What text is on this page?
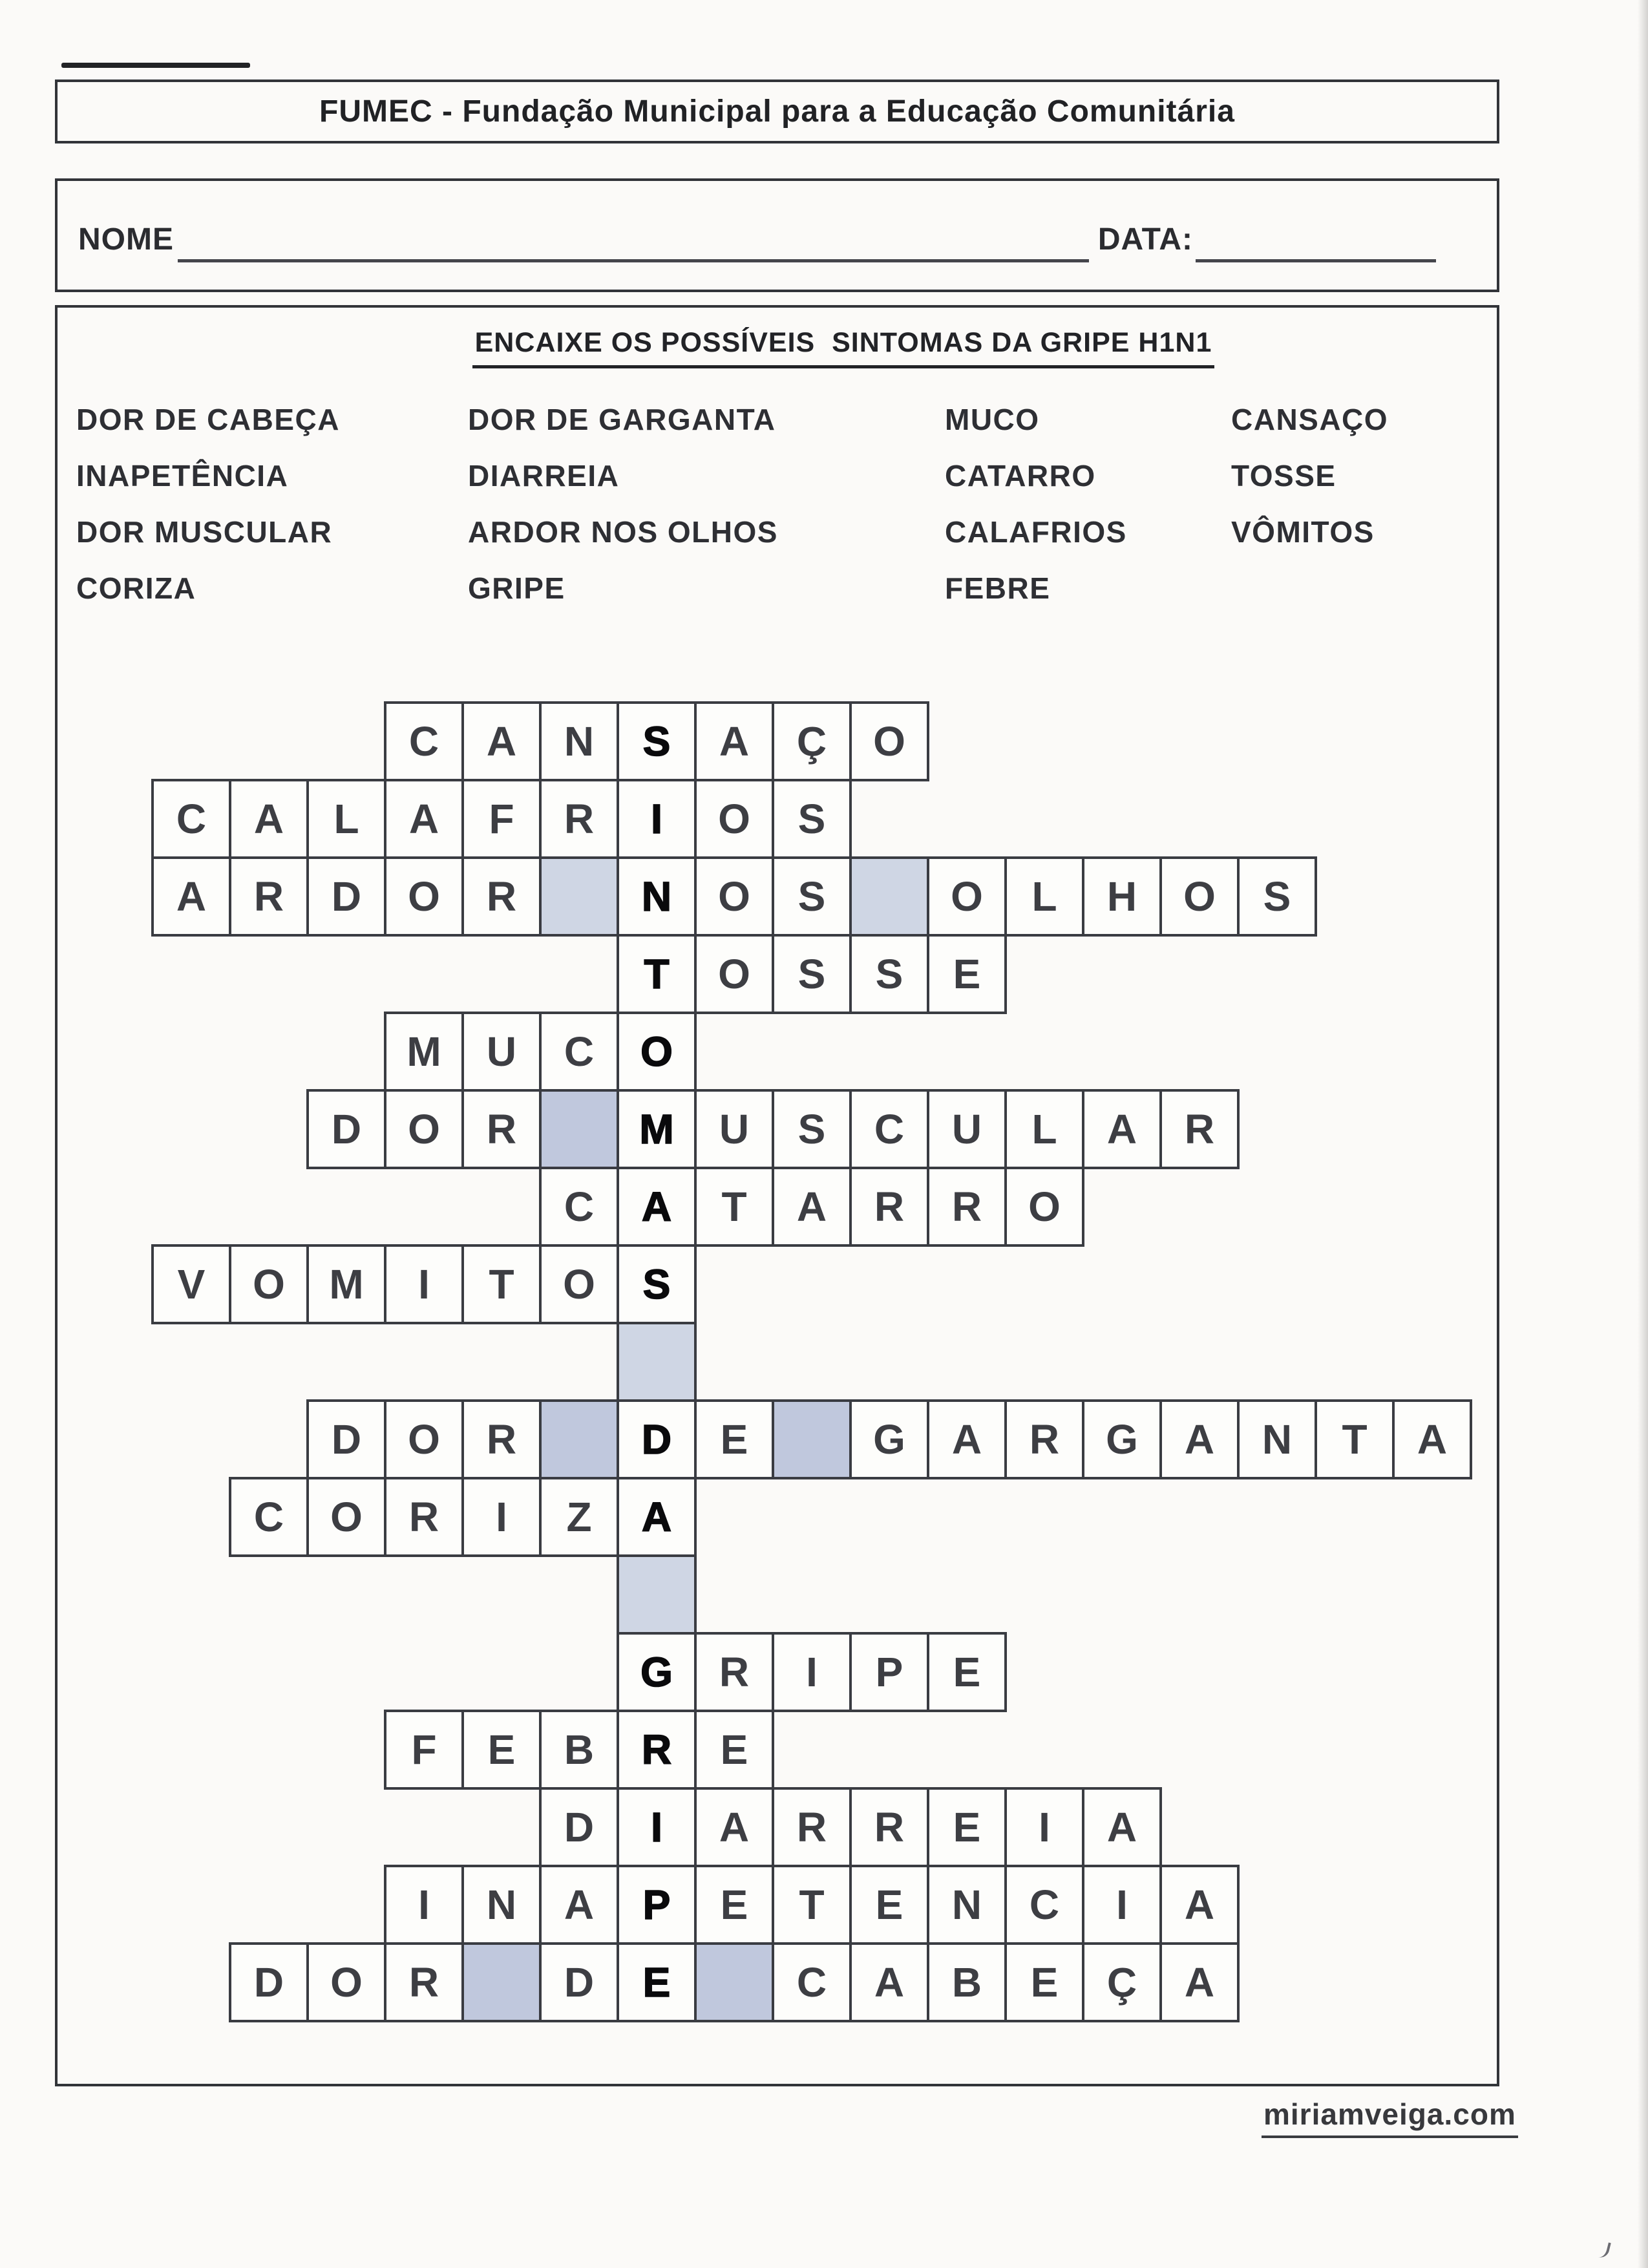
FUMEC - Fundação Municipal para a Educação Comunitária
NOME	DATA:
ENCAIXE OS POSSÍVEIS  SINTOMAS DA GRIPE H1N1
DOR DE CABEÇA
INAPETÊNCIA
DOR MUSCULAR
CORIZA
DOR DE GARGANTA
DIARREIA
ARDOR NOS OLHOS
GRIPE
MUCO
CATARRO
CALAFRIOS
FEBRE
CANSAÇO
TOSSE
VÔMITOS
C	A	N	S	A	Ç	O
C	A	L	A	F	R	I	O	S
A	R	D	O	R	N	O	S	O	L	H	O	S
T	O	S	S	E
M	U	C	O
D	O	R	M	U	S	C	U	L	A	R
C	A	T	A	R	R	O
V	O	M	I	T	O	S
D	O	R	D	E	G	A	R	G	A	N	T	A
C	O	R	I	Z	A
G	R	I	P	E
F	E	B	R	E
D	I	A	R	R	E	I	A
I	N	A	P	E	T	E	N	C	I	A
D	O	R	D	E	C	A	B	E	Ç	A
miriamveiga.com
